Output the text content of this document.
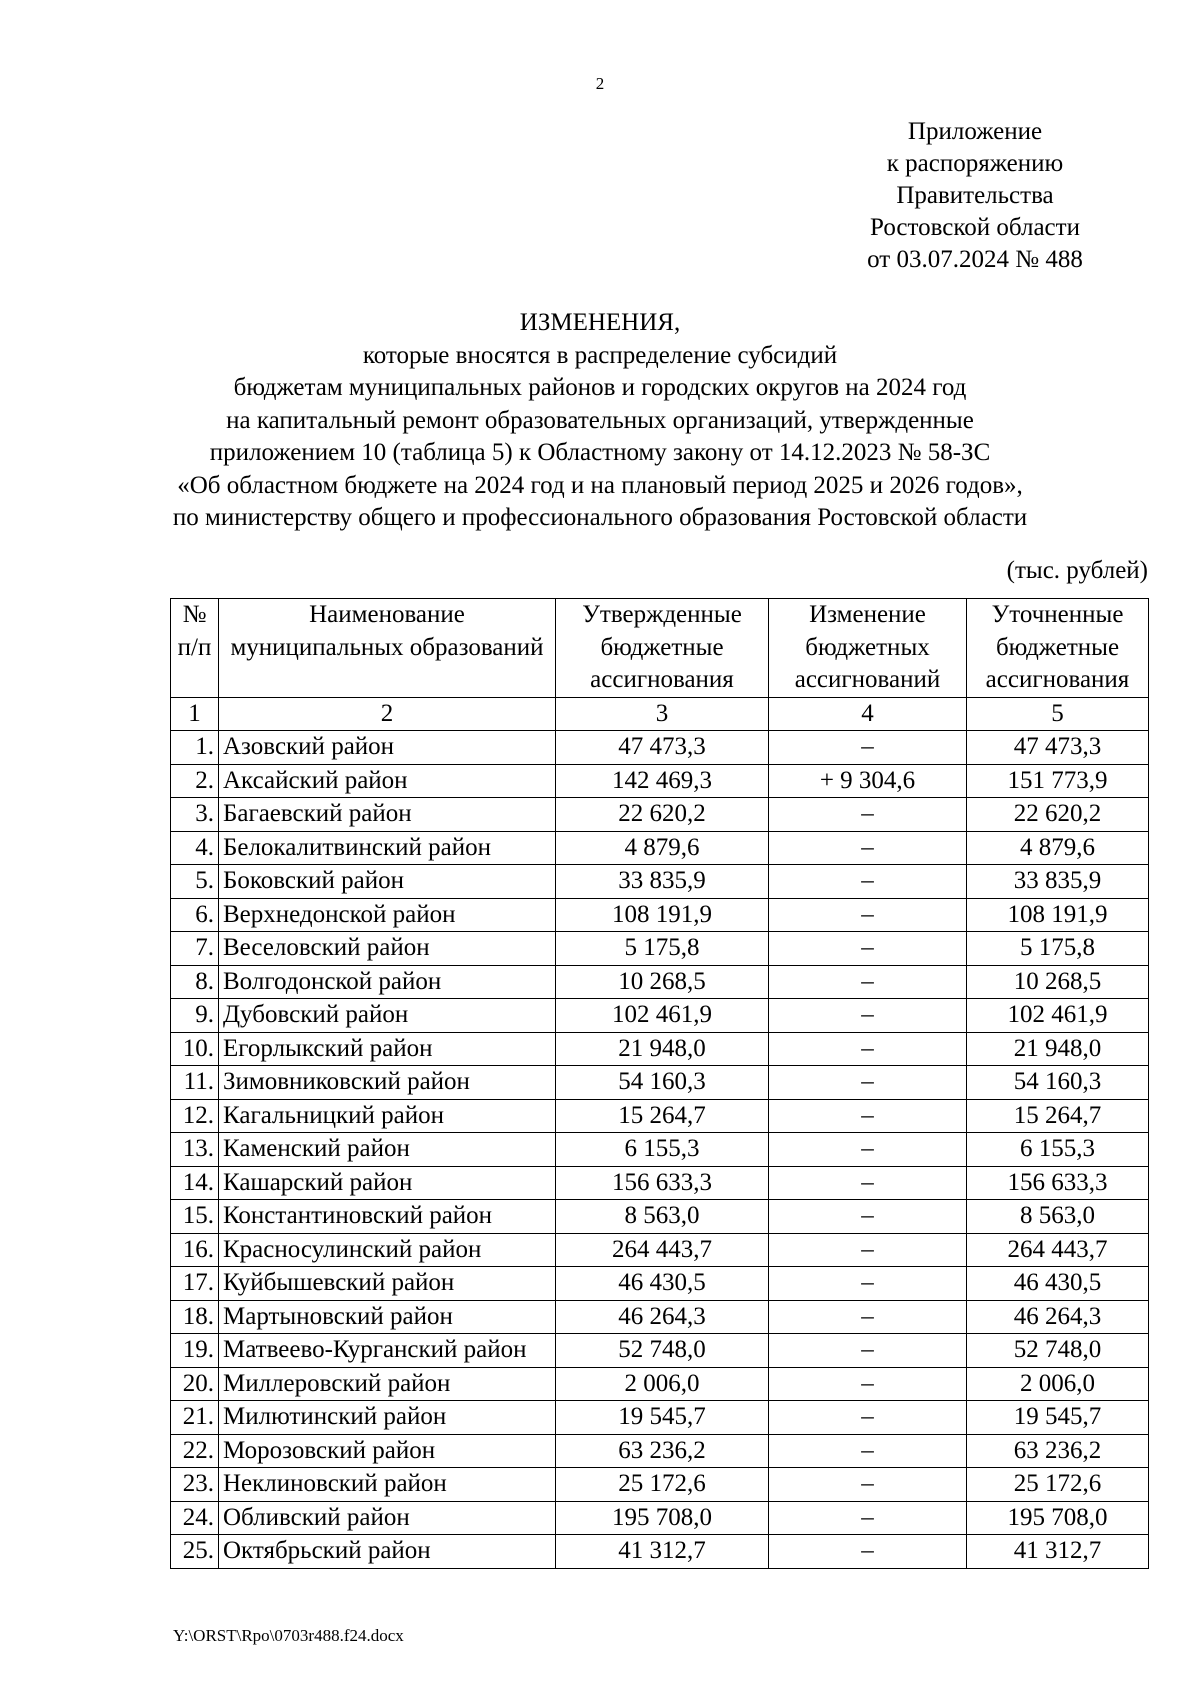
2
Приложение
к распоряжению
Правительства
Ростовской области
от 03.07.2024 № 488
ИЗМЕНЕНИЯ,
которые вносятся в распределение субсидий
бюджетам муниципальных районов и городских округов на 2024 год
на капитальный ремонт образовательных организаций, утвержденные
приложением 10 (таблица 5) к Областному закону от 14.12.2023 № 58-ЗС
«Об областном бюджете на 2024 год и на плановый период 2025 и 2026 годов»,
по министерству общего и профессионального образования Ростовской области
(тыс. рублей)
№ п/п	Наименование муниципальных образований	Утвержденные бюджетные ассигнования	Изменение бюджетных ассигнований	Уточненные бюджетные ассигнования
1	2	3	4	5
1.	Азовский район	47 473,3	–	47 473,3
2.	Аксайский район	142 469,3	+ 9 304,6	151 773,9
3.	Багаевский район	22 620,2	–	22 620,2
4.	Белокалитвинский район	4 879,6	–	4 879,6
5.	Боковский район	33 835,9	–	33 835,9
6.	Верхнедонской район	108 191,9	–	108 191,9
7.	Веселовский район	5 175,8	–	5 175,8
8.	Волгодонской район	10 268,5	–	10 268,5
9.	Дубовский район	102 461,9	–	102 461,9
10.	Егорлыкский район	21 948,0	–	21 948,0
11.	Зимовниковский район	54 160,3	–	54 160,3
12.	Кагальницкий район	15 264,7	–	15 264,7
13.	Каменский район	6 155,3	–	6 155,3
14.	Кашарский район	156 633,3	–	156 633,3
15.	Константиновский район	8 563,0	–	8 563,0
16.	Красносулинский район	264 443,7	–	264 443,7
17.	Куйбышевский район	46 430,5	–	46 430,5
18.	Мартыновский район	46 264,3	–	46 264,3
19.	Матвеево-Курганский район	52 748,0	–	52 748,0
20.	Миллеровский район	2 006,0	–	2 006,0
21.	Милютинский район	19 545,7	–	19 545,7
22.	Морозовский район	63 236,2	–	63 236,2
23.	Неклиновский район	25 172,6	–	25 172,6
24.	Обливский район	195 708,0	–	195 708,0
25.	Октябрьский район	41 312,7	–	41 312,7
Y:\ORST\Rpo\0703r488.f24.docx
